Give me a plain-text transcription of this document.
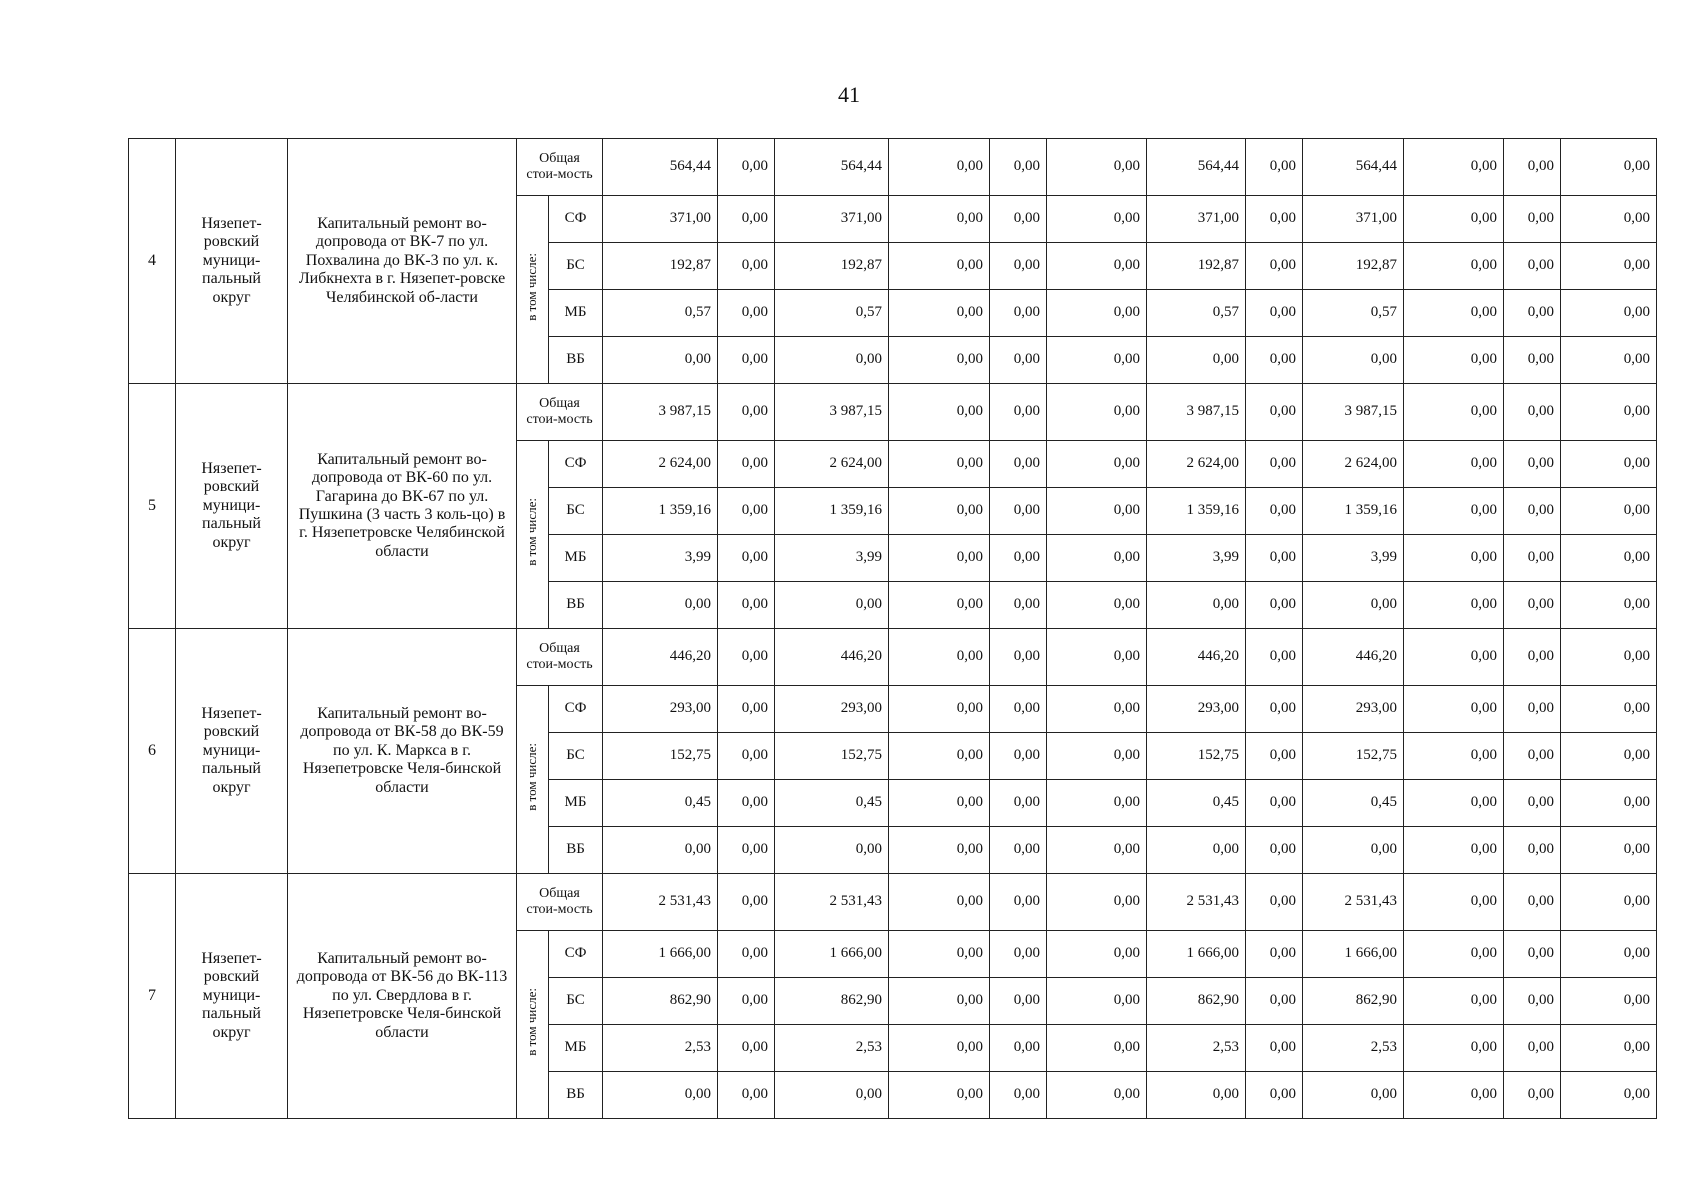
41
4	Нязепет-ровский муници-пальный округ	Капитальный ремонт во-допровода от ВК-7 по ул. Похвалина до ВК-3 по ул. к. Либкнехта в г. Нязепет-ровске Челябинской об-ласти	Общая стои-мость		564,44	0,00	564,44	0,00	0,00	0,00	564,44	0,00	564,44	0,00	0,00	0,00
			в том числе:	СФ	371,00	0,00	371,00	0,00	0,00	0,00	371,00	0,00	371,00	0,00	0,00	0,00
				БС	192,87	0,00	192,87	0,00	0,00	0,00	192,87	0,00	192,87	0,00	0,00	0,00
				МБ	0,57	0,00	0,57	0,00	0,00	0,00	0,57	0,00	0,57	0,00	0,00	0,00
				ВБ	0,00	0,00	0,00	0,00	0,00	0,00	0,00	0,00	0,00	0,00	0,00	0,00
5	Нязепет-ровский муници-пальный округ	Капитальный ремонт во-допровода от ВК-60 по ул. Гагарина до ВК-67 по ул. Пушкина (3 часть 3 коль-цо) в г. Нязепетровске Челябинской области	Общая стои-мость		3 987,15	0,00	3 987,15	0,00	0,00	0,00	3 987,15	0,00	3 987,15	0,00	0,00	0,00
			в том числе:	СФ	2 624,00	0,00	2 624,00	0,00	0,00	0,00	2 624,00	0,00	2 624,00	0,00	0,00	0,00
				БС	1 359,16	0,00	1 359,16	0,00	0,00	0,00	1 359,16	0,00	1 359,16	0,00	0,00	0,00
				МБ	3,99	0,00	3,99	0,00	0,00	0,00	3,99	0,00	3,99	0,00	0,00	0,00
				ВБ	0,00	0,00	0,00	0,00	0,00	0,00	0,00	0,00	0,00	0,00	0,00	0,00
6	Нязепет-ровский муници-пальный округ	Капитальный ремонт во-допровода от ВК-58 до ВК-59 по ул. К. Маркса в г. Нязепетровске Челя-бинской области	Общая стои-мость		446,20	0,00	446,20	0,00	0,00	0,00	446,20	0,00	446,20	0,00	0,00	0,00
			в том числе:	СФ	293,00	0,00	293,00	0,00	0,00	0,00	293,00	0,00	293,00	0,00	0,00	0,00
				БС	152,75	0,00	152,75	0,00	0,00	0,00	152,75	0,00	152,75	0,00	0,00	0,00
				МБ	0,45	0,00	0,45	0,00	0,00	0,00	0,45	0,00	0,45	0,00	0,00	0,00
				ВБ	0,00	0,00	0,00	0,00	0,00	0,00	0,00	0,00	0,00	0,00	0,00	0,00
7	Нязепет-ровский муници-пальный округ	Капитальный ремонт во-допровода от ВК-56 до ВК-113 по ул. Свердлова в г. Нязепетровске Челя-бинской области	Общая стои-мость		2 531,43	0,00	2 531,43	0,00	0,00	0,00	2 531,43	0,00	2 531,43	0,00	0,00	0,00
			в том числе:	СФ	1 666,00	0,00	1 666,00	0,00	0,00	0,00	1 666,00	0,00	1 666,00	0,00	0,00	0,00
				БС	862,90	0,00	862,90	0,00	0,00	0,00	862,90	0,00	862,90	0,00	0,00	0,00
				МБ	2,53	0,00	2,53	0,00	0,00	0,00	2,53	0,00	2,53	0,00	0,00	0,00
				ВБ	0,00	0,00	0,00	0,00	0,00	0,00	0,00	0,00	0,00	0,00	0,00	0,00
